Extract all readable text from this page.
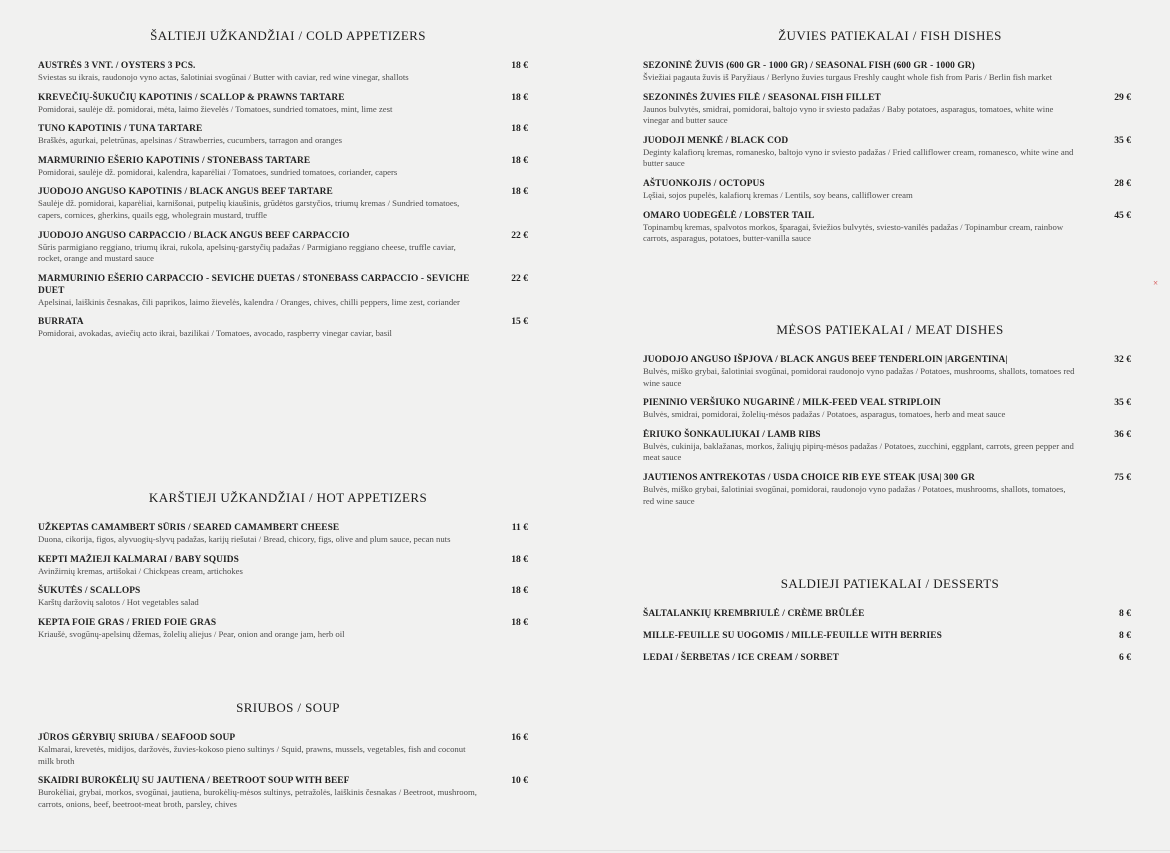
ŠALTIEJI UŽKANDŽIAI / COLD APPETIZERS
AUSTRĖS 3 VNT. / OYSTERS 3 PCS.
Sviestas su ikrais, raudonojo vyno actas, šalotiniai svogūnai / Butter with caviar, red wine vinegar, shallots
18 €
KREVEČIŲ-ŠUKUČIŲ KAPOTINIS / SCALLOP & PRAWNS TARTARE
Pomidorai, saulėje dž. pomidorai, mėta, laimo žievelės / Tomatoes, sundried tomatoes, mint, lime zest
18 €
TUNO KAPOTINIS / TUNA TARTARE
Braškės, agurkai, peletrūnas, apelsinas / Strawberries, cucumbers, tarragon and oranges
18 €
MARMURINIO EŠERIO KAPOTINIS / STONEBASS TARTARE
Pomidorai, saulėje dž. pomidorai, kalendra, kaparėliai / Tomatoes, sundried tomatoes, coriander, capers
18 €
JUODOJO ANGUSO KAPOTINIS / BLACK ANGUS BEEF TARTARE
Saulėje dž. pomidorai, kaparėliai, karnišonai, putpelių kiaušinis, grūdėtos garstyčios, triumų kremas / Sundried tomatoes, capers, cornices, gherkins, quails egg, wholegrain mustard, truffle
18 €
JUODOJO ANGUSO CARPACCIO / BLACK ANGUS BEEF CARPACCIO
Sūris parmigiano reggiano, triumų ikrai, rukola, apelsinų-garstyčių padažas / Parmigiano reggiano cheese, truffle caviar, rocket, orange and mustard sauce
22 €
MARMURINIO EŠERIO CARPACCIO - SEVICHE DUETAS / STONEBASS CARPACCIO - SEVICHE DUET
Apelsinai, laiškinis česnakas, čili paprikos, laimo žievelės, kalendra / Oranges, chives, chilli peppers, lime zest, coriander
22 €
BURRATA
Pomidorai, avokadas, aviečių acto ikrai, bazilikai / Tomatoes, avocado, raspberry vinegar caviar, basil
15 €
KARŠTIEJI UŽKANDŽIAI / HOT APPETIZERS
UŽKEPTAS CAMAMBERT SŪRIS / SEARED CAMAMBERT CHEESE
Duona, cikorija, figos, alyvuogių-slyvų padažas, karijų riešutai / Bread, chicory, figs, olive and plum sauce, pecan nuts
11 €
KEPTI MAŽIEJI KALMARAI / BABY SQUIDS
Avinžirnių kremas, artišokai / Chickpeas cream, artichokes
18 €
ŠUKUTĖS / SCALLOPS
Karštų daržovių salotos / Hot vegetables salad
18 €
KEPTA FOIE GRAS / FRIED FOIE GRAS
Kriaušė, svogūnų-apelsinų džemas, žolelių aliejus / Pear, onion and orange jam, herb oil
18 €
SRIUBOS / SOUP
JŪROS GĖRYBIŲ SRIUBA / SEAFOOD SOUP
Kalmarai, krevetės, midijos, daržovės, žuvies-kokoso pieno sultinys / Squid, prawns, mussels, vegetables, fish and coconut milk broth
16 €
SKAIDRI BUROKĖLIŲ SU JAUTIENA / BEETROOT SOUP WITH BEEF
Burokėliai, grybai, morkos, svogūnai, jautiena, burokėlių-mėsos sultinys, petražolės, laiškinis česnakas / Beetroot, mushroom, carrots, onions, beef, beetroot-meat broth, parsley, chives
10 €
ŽUVIES PATIEKALAI / FISH DISHES
SEZONINĖ ŽUVIS (600 GR - 1000 GR) / SEASONAL FISH (600 GR - 1000 GR)
Šviežiai pagauta žuvis iš Paryžiaus / Berlyno žuvies turgaus Freshly caught whole fish from Paris / Berlin fish market
SEZONINĖS ŽUVIES FILĖ / SEASONAL FISH FILLET
Jaunos bulvytės, smidrai, pomidorai, baltojo vyno ir sviesto padažas / Baby potatoes, asparagus, tomatoes, white wine vinegar and butter sauce
29 €
JUODOJI MENKĖ / BLACK COD
Deginty kalafiorų kremas, romanesko, baltojo vyno ir sviesto padažas / Fried calliflower cream, romanesco, white wine and butter sauce
35 €
AŠTUONKOJIS / OCTOPUS
Lęšiai, sojos pupelės, kalafiorų kremas / Lentils, soy beans, calliflower cream
28 €
OMARO UODEGĖLĖ / LOBSTER TAIL
Topinambų kremas, spalvotos morkos, šparagai, šviežios bulvytės, sviesto-vanilės padažas / Topinambur cream, rainbow carrots, asparagus, potatoes, butter-vanilla sauce
45 €
MĖSOS PATIEKALAI / MEAT DISHES
JUODOJO ANGUSO IŠPJOVA / BLACK ANGUS BEEF TENDERLOIN |ARGENTINA|
Bulvės, miško grybai, šalotiniai svogūnai, pomidorai raudonojo vyno padažas / Potatoes, mushrooms, shallots, tomatoes red wine sauce
32 €
PIENINIO VERŠIUKO NUGARINĖ / MILK-FEED VEAL STRIPLOIN
Bulvės, smidrai, pomidorai, žolelių-mėsos padažas / Potatoes, asparagus, tomatoes, herb and meat sauce
35 €
ĖRIUKO ŠONKAULIUKAI / LAMB RIBS
Bulvės, cukinija, baklažanas, morkos, žaliųjų pipirų-mėsos padažas / Potatoes, zucchini, eggplant, carrots, green pepper and meat sauce
36 €
JAUTIENOS ANTREKOTAS / USDA CHOICE RIB EYE STEAK |USA| 300 GR
Bulvės, miško grybai, šalotiniai svogūnai, pomidorai, raudonojo vyno padažas / Potatoes, mushrooms, shallots, tomatoes, red wine sauce
75 €
SALDIEJI PATIEKALAI / DESSERTS
ŠALTALANKIŲ KREMBRIULĖ / CRÈME BRÛLÉE	8 €
MILLE-FEUILLE SU UOGOMIS / MILLE-FEUILLE WITH BERRIES	8 €
LEDAI / ŠERBETAS / ICE CREAM / SORBET	6 €
×
